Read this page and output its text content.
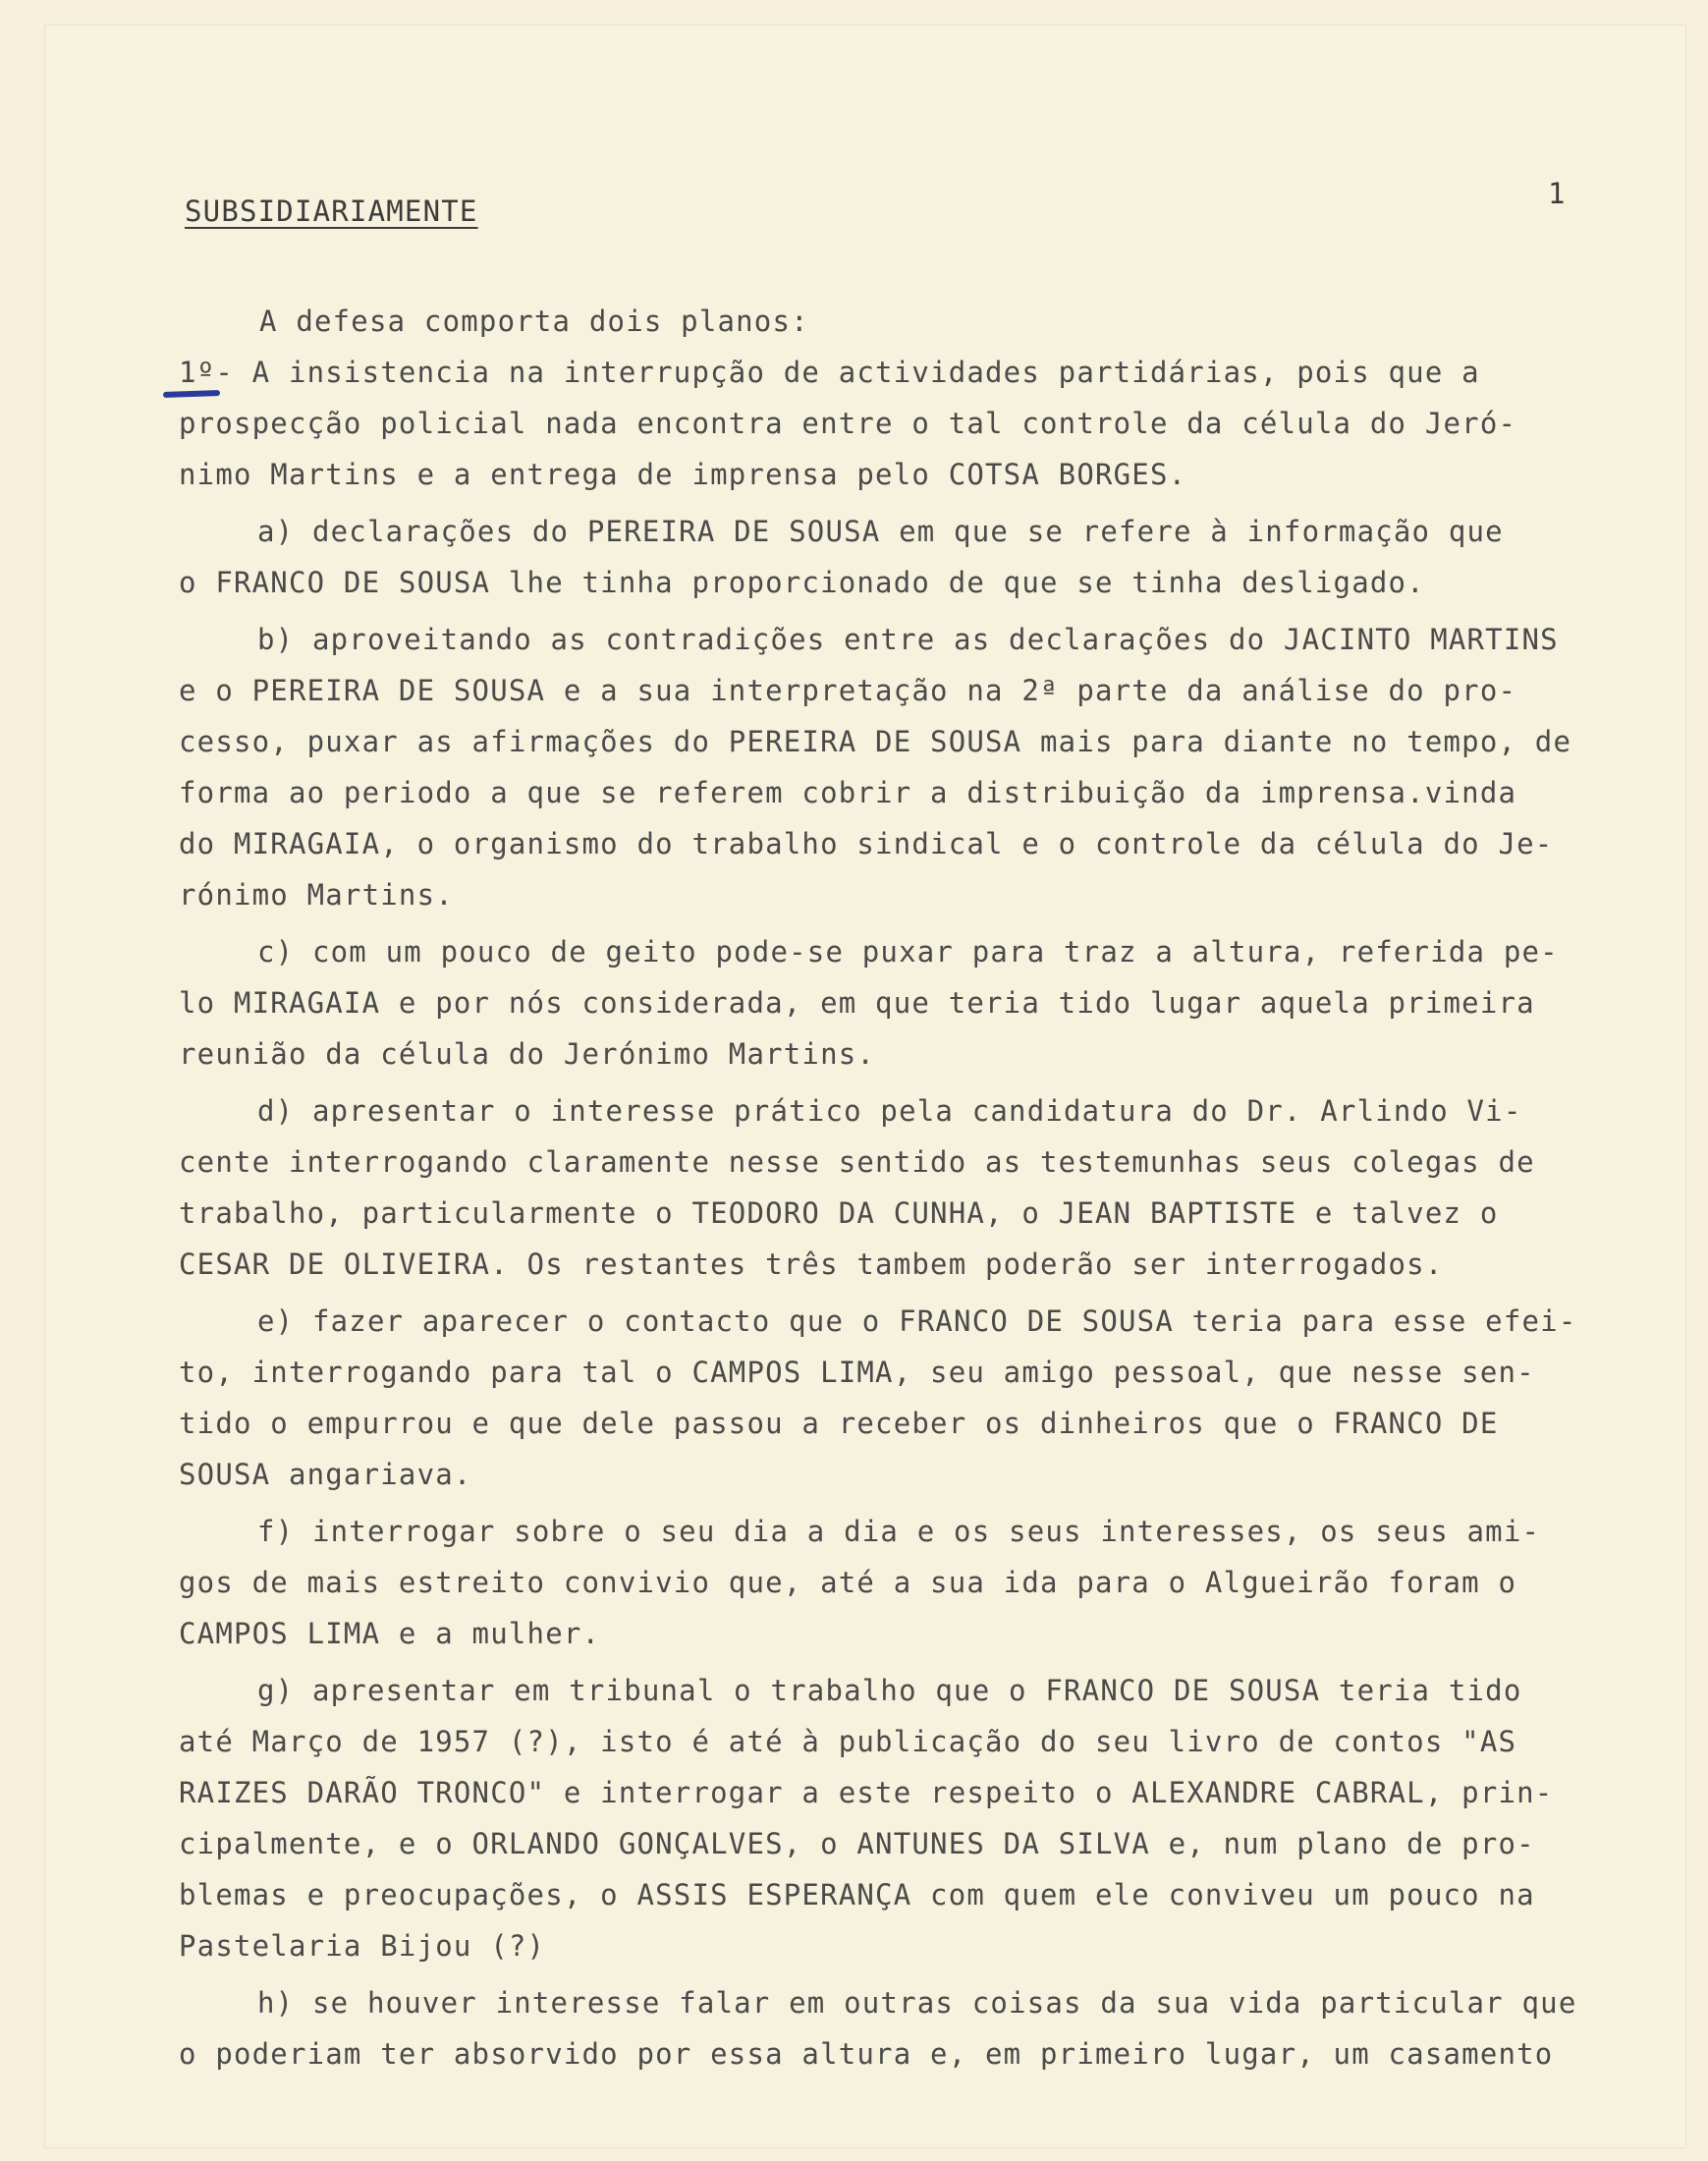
SUBSIDIARIAMENTE
1
A defesa comporta dois planos:
1º- A insistencia na interrupção de actividades partidárias, pois que a
prospecção policial nada encontra entre o tal controle da célula do Jeró-
nimo Martins e a entrega de imprensa pelo COTSA BORGES.
a) declarações do PEREIRA DE SOUSA em que se refere à informação que
o FRANCO DE SOUSA lhe tinha proporcionado de que se tinha desligado.
b) aproveitando as contradições entre as declarações do JACINTO MARTINS
e o PEREIRA DE SOUSA e a sua interpretação na 2ª parte da análise do pro-
cesso, puxar as afirmações do PEREIRA DE SOUSA mais para diante no tempo, de
forma ao periodo a que se referem cobrir a distribuição da imprensa.vinda
do MIRAGAIA, o organismo do trabalho sindical e o controle da célula do Je-
rónimo Martins.
c) com um pouco de geito pode-se puxar para traz a altura, referida pe-
lo MIRAGAIA e por nós considerada, em que teria tido lugar aquela primeira
reunião da célula do Jerónimo Martins.
d) apresentar o interesse prático pela candidatura do Dr. Arlindo Vi-
cente interrogando claramente nesse sentido as testemunhas seus colegas de
trabalho, particularmente o TEODORO DA CUNHA, o JEAN BAPTISTE e talvez o
CESAR DE OLIVEIRA. Os restantes três tambem poderão ser interrogados.
e) fazer aparecer o contacto que o FRANCO DE SOUSA teria para esse efei-
to, interrogando para tal o CAMPOS LIMA, seu amigo pessoal, que nesse sen-
tido o empurrou e que dele passou a receber os dinheiros que o FRANCO DE
SOUSA angariava.
f) interrogar sobre o seu dia a dia e os seus interesses, os seus ami-
gos de mais estreito convivio que, até a sua ida para o Algueirão foram o
CAMPOS LIMA e a mulher.
g) apresentar em tribunal o trabalho que o FRANCO DE SOUSA teria tido
até Março de 1957 (?), isto é até à publicação do seu livro de contos "AS
RAIZES DARÃO TRONCO" e interrogar a este respeito o ALEXANDRE CABRAL, prin-
cipalmente, e o ORLANDO GONÇALVES, o ANTUNES DA SILVA e, num plano de pro-
blemas e preocupações, o ASSIS ESPERANÇA com quem ele conviveu um pouco na
Pastelaria Bijou (?)
h) se houver interesse falar em outras coisas da sua vida particular que
o poderiam ter absorvido por essa altura e, em primeiro lugar, um casamento
